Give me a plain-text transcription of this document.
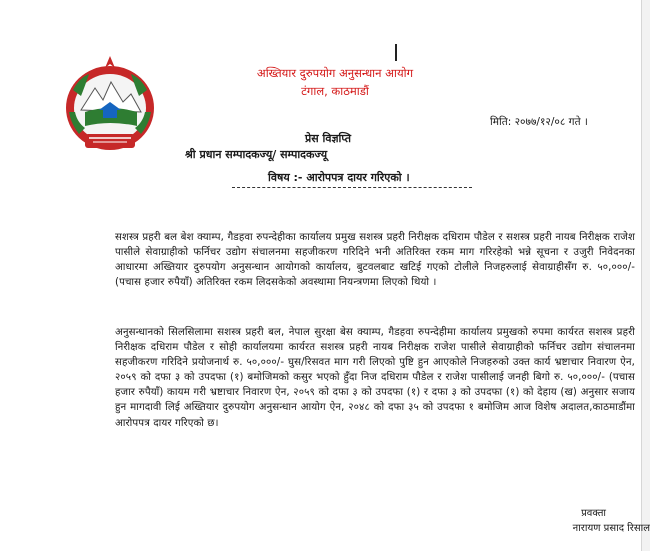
अख्तियार दुरुपयोग अनुसन्धान आयोग
टंगाल, काठमाडौं
मिति: २०७७/१२/०८ गते ।
प्रेस विज्ञप्ति
श्री प्रधान सम्पादकज्यू/ सम्पादकज्यू
विषय :- आरोपपत्र दायर गरिएको ।
सशस्त्र प्रहरी बल बेश क्याम्प, गैडहवा रुपन्देहीका कार्यालय प्रमुख सशस्त्र प्रहरी निरीक्षक दधिराम पौडेल र सशस्त्र प्रहरी नायब निरीक्षक राजेश पासीले सेवाग्राहीको फर्निचर उद्योग संचालनमा सहजीकरण गरिदिने भनी अतिरिक्त रकम माग गरिरहेको भन्ने सूचना र उजुरी निवेदनका आधारमा अख्तियार दुरुपयोग अनुसन्धान आयोगको कार्यालय, बुटवलबाट खटिई गएको टोलीले निजहरुलाई सेवाग्राहीसँग रु. ५०,०००/- (पचास हजार रुपैयाँ) अतिरिक्त रकम लिदसकेको अवस्थामा नियन्त्रणमा लिएको थियो ।
अनुसन्धानको सिलसिलामा सशस्त्र प्रहरी बल, नेपाल सुरक्षा बेस क्याम्प, गैडहवा रुपन्देहीमा कार्यालय प्रमुखको रुपमा कार्यरत सशस्त्र प्रहरी निरीक्षक दधिराम पौडेल र सोही कार्यालयमा कार्यरत सशस्त्र प्रहरी नायब निरीक्षक राजेश पासीले सेवाग्राहीको फर्निचर उद्योग संचालनमा सहजीकरण गरिदिने प्रयोजनार्थ रु. ५०,०००/- घुस/रिसवत माग गरी लिएको पुष्टि हुन आएकोले निजहरुको उक्त कार्य भ्रष्टाचार निवारण ऐन, २०५९ को दफा ३ को उपदफा (१) बमोजिमको कसुर भएको हुँदा निज दधिराम पौडेल र राजेश पासीलाई जनही बिगो रु. ५०,०००/- (पचास हजार रुपैयाँ) कायम गरी भ्रष्टाचार निवारण ऐन, २०५९ को दफा ३ को उपदफा (१) र दफा ३ को उपदफा (१) को देहाय (ख) अनुसार सजाय हुन मागदावी लिई अख्तियार दुरुपयोग अनुसन्धान आयोग ऐन, २०४८ को दफा ३५ को उपदफा १ बमोजिम आज विशेष अदालत,काठमाडौंमा आरोपपत्र दायर गरिएको छ।
प्रवक्ता
नारायण प्रसाद रिसाल
